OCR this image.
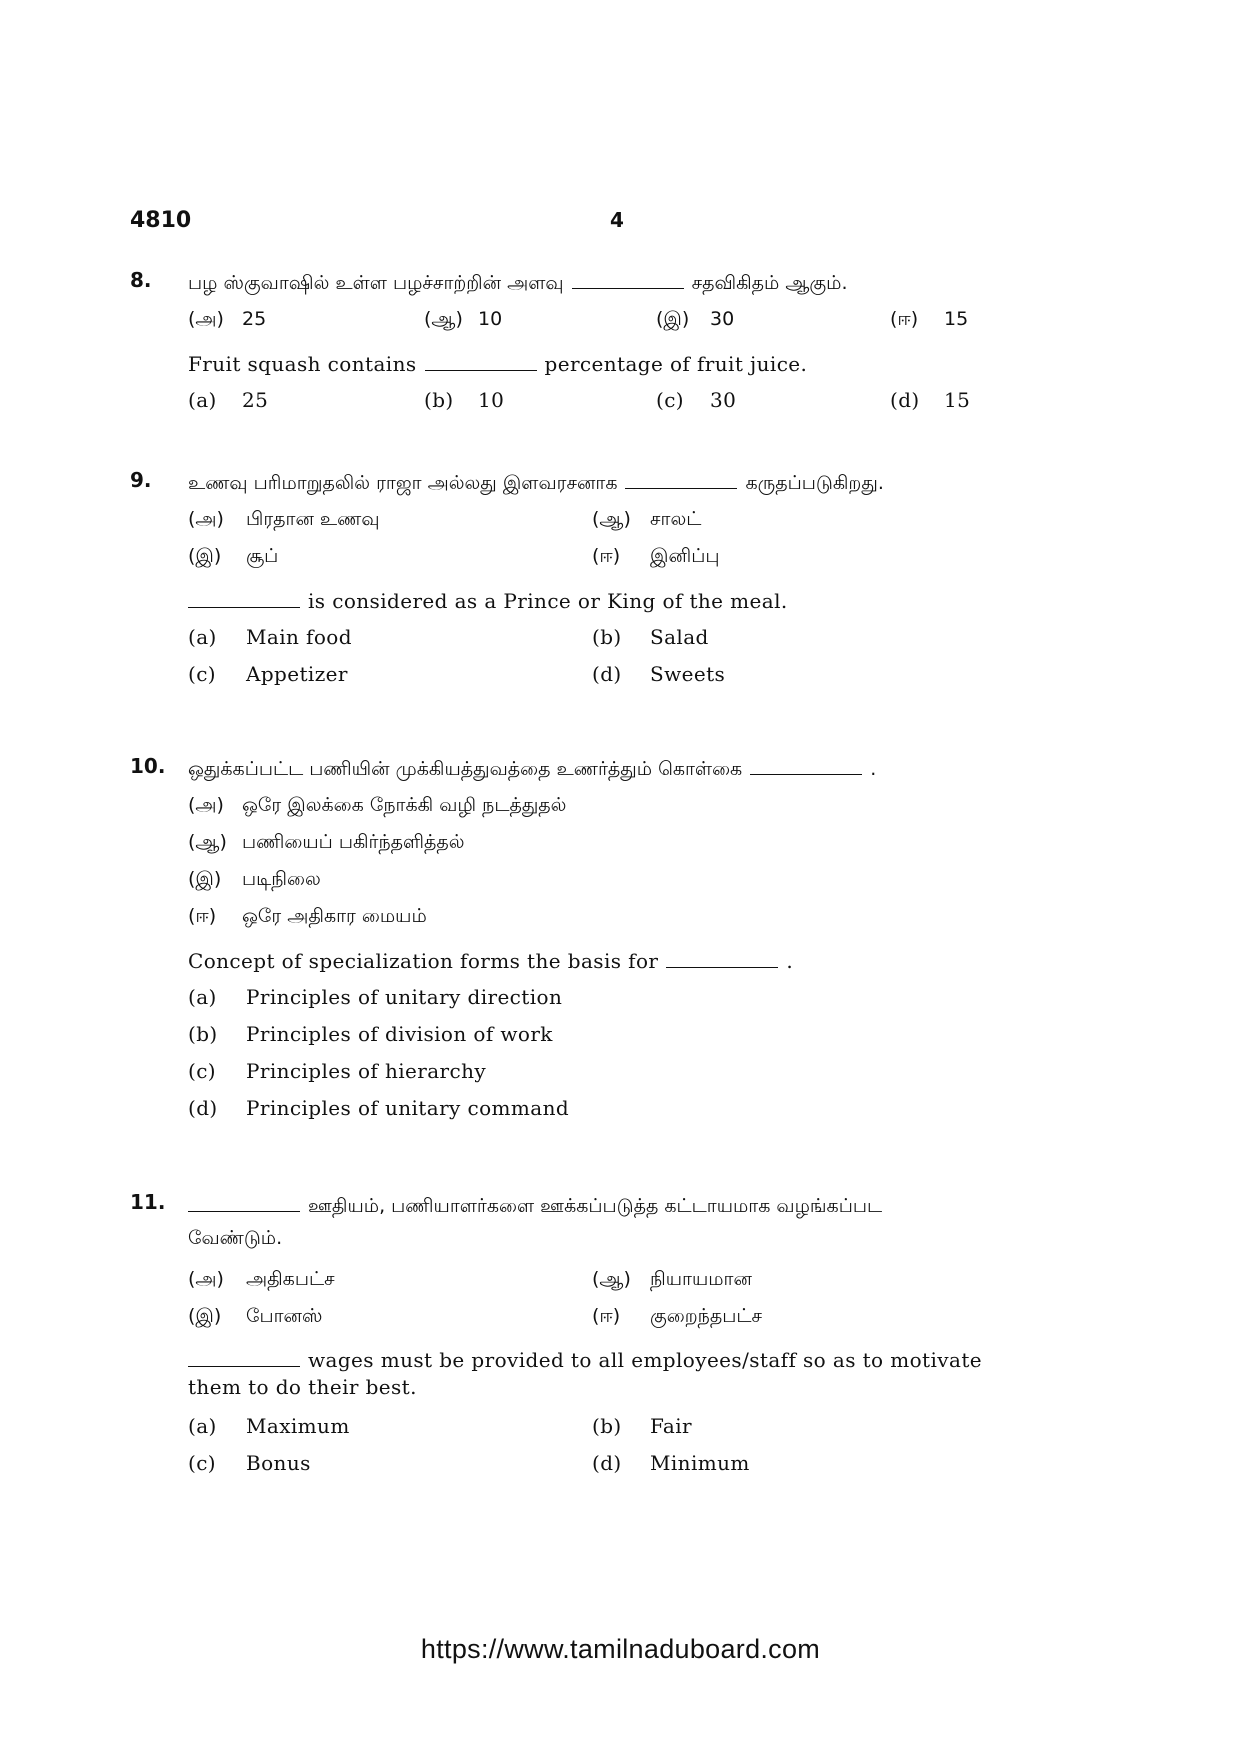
4810	4
8. பழ ஸ்குவாஷில் உள்ள பழச்சாற்றின் அளவு	சதவிகிதம் ஆகும்.
(அ) 25	(ஆ) 10	(இ)	30	(ஈ)	15
Fruit squash contains	percentage of fruit juice.
(a)	25	(b)	10	(c)	30	(d)	15
9. உணவு பரிமாறுதலில் ராஜா அல்லது இளவரசனாக	கருதப்படுகிறது.
(அ)	பிரதான உணவு	(ஆ)	சாலட்
(இ)	சூப்	(ஈ)	இனிப்பு
is considered as a Prince or King of the meal.
(a)	Main food	(b)	Salad
(c)	Appetizer	(d)	Sweets
10. ஒதுக்கப்பட்ட பணியின் முக்கியத்துவத்தை உணர்த்தும் கொள்கை	.
(அ) ஒரே இலக்கை நோக்கி வழி நடத்துதல்
(ஆ) பணியைப் பகிர்ந்தளித்தல்
(இ)	படிநிலை
(ஈ)	ஒரே அதிகார மையம்
Concept of specialization forms the basis for	.
(a)	Principles of unitary direction
(b)	Principles of division of work
(c)	Principles of hierarchy
(d)	Principles of unitary command
11.	ஊதியம், பணியாளர்களை ஊக்கப்படுத்த கட்டாயமாக வழங்கப்பட
வேண்டும்.
(அ)	அதிகபட்ச	(ஆ)	நியாயமான
(இ)	போனஸ்	(ஈ)	குறைந்தபட்ச
wages must be provided to all employees/staff so as to motivate
them to do their best.
(a)	Maximum	(b)	Fair
(c)	Bonus	(d)	Minimum
https://www.tamilnaduboard.com
